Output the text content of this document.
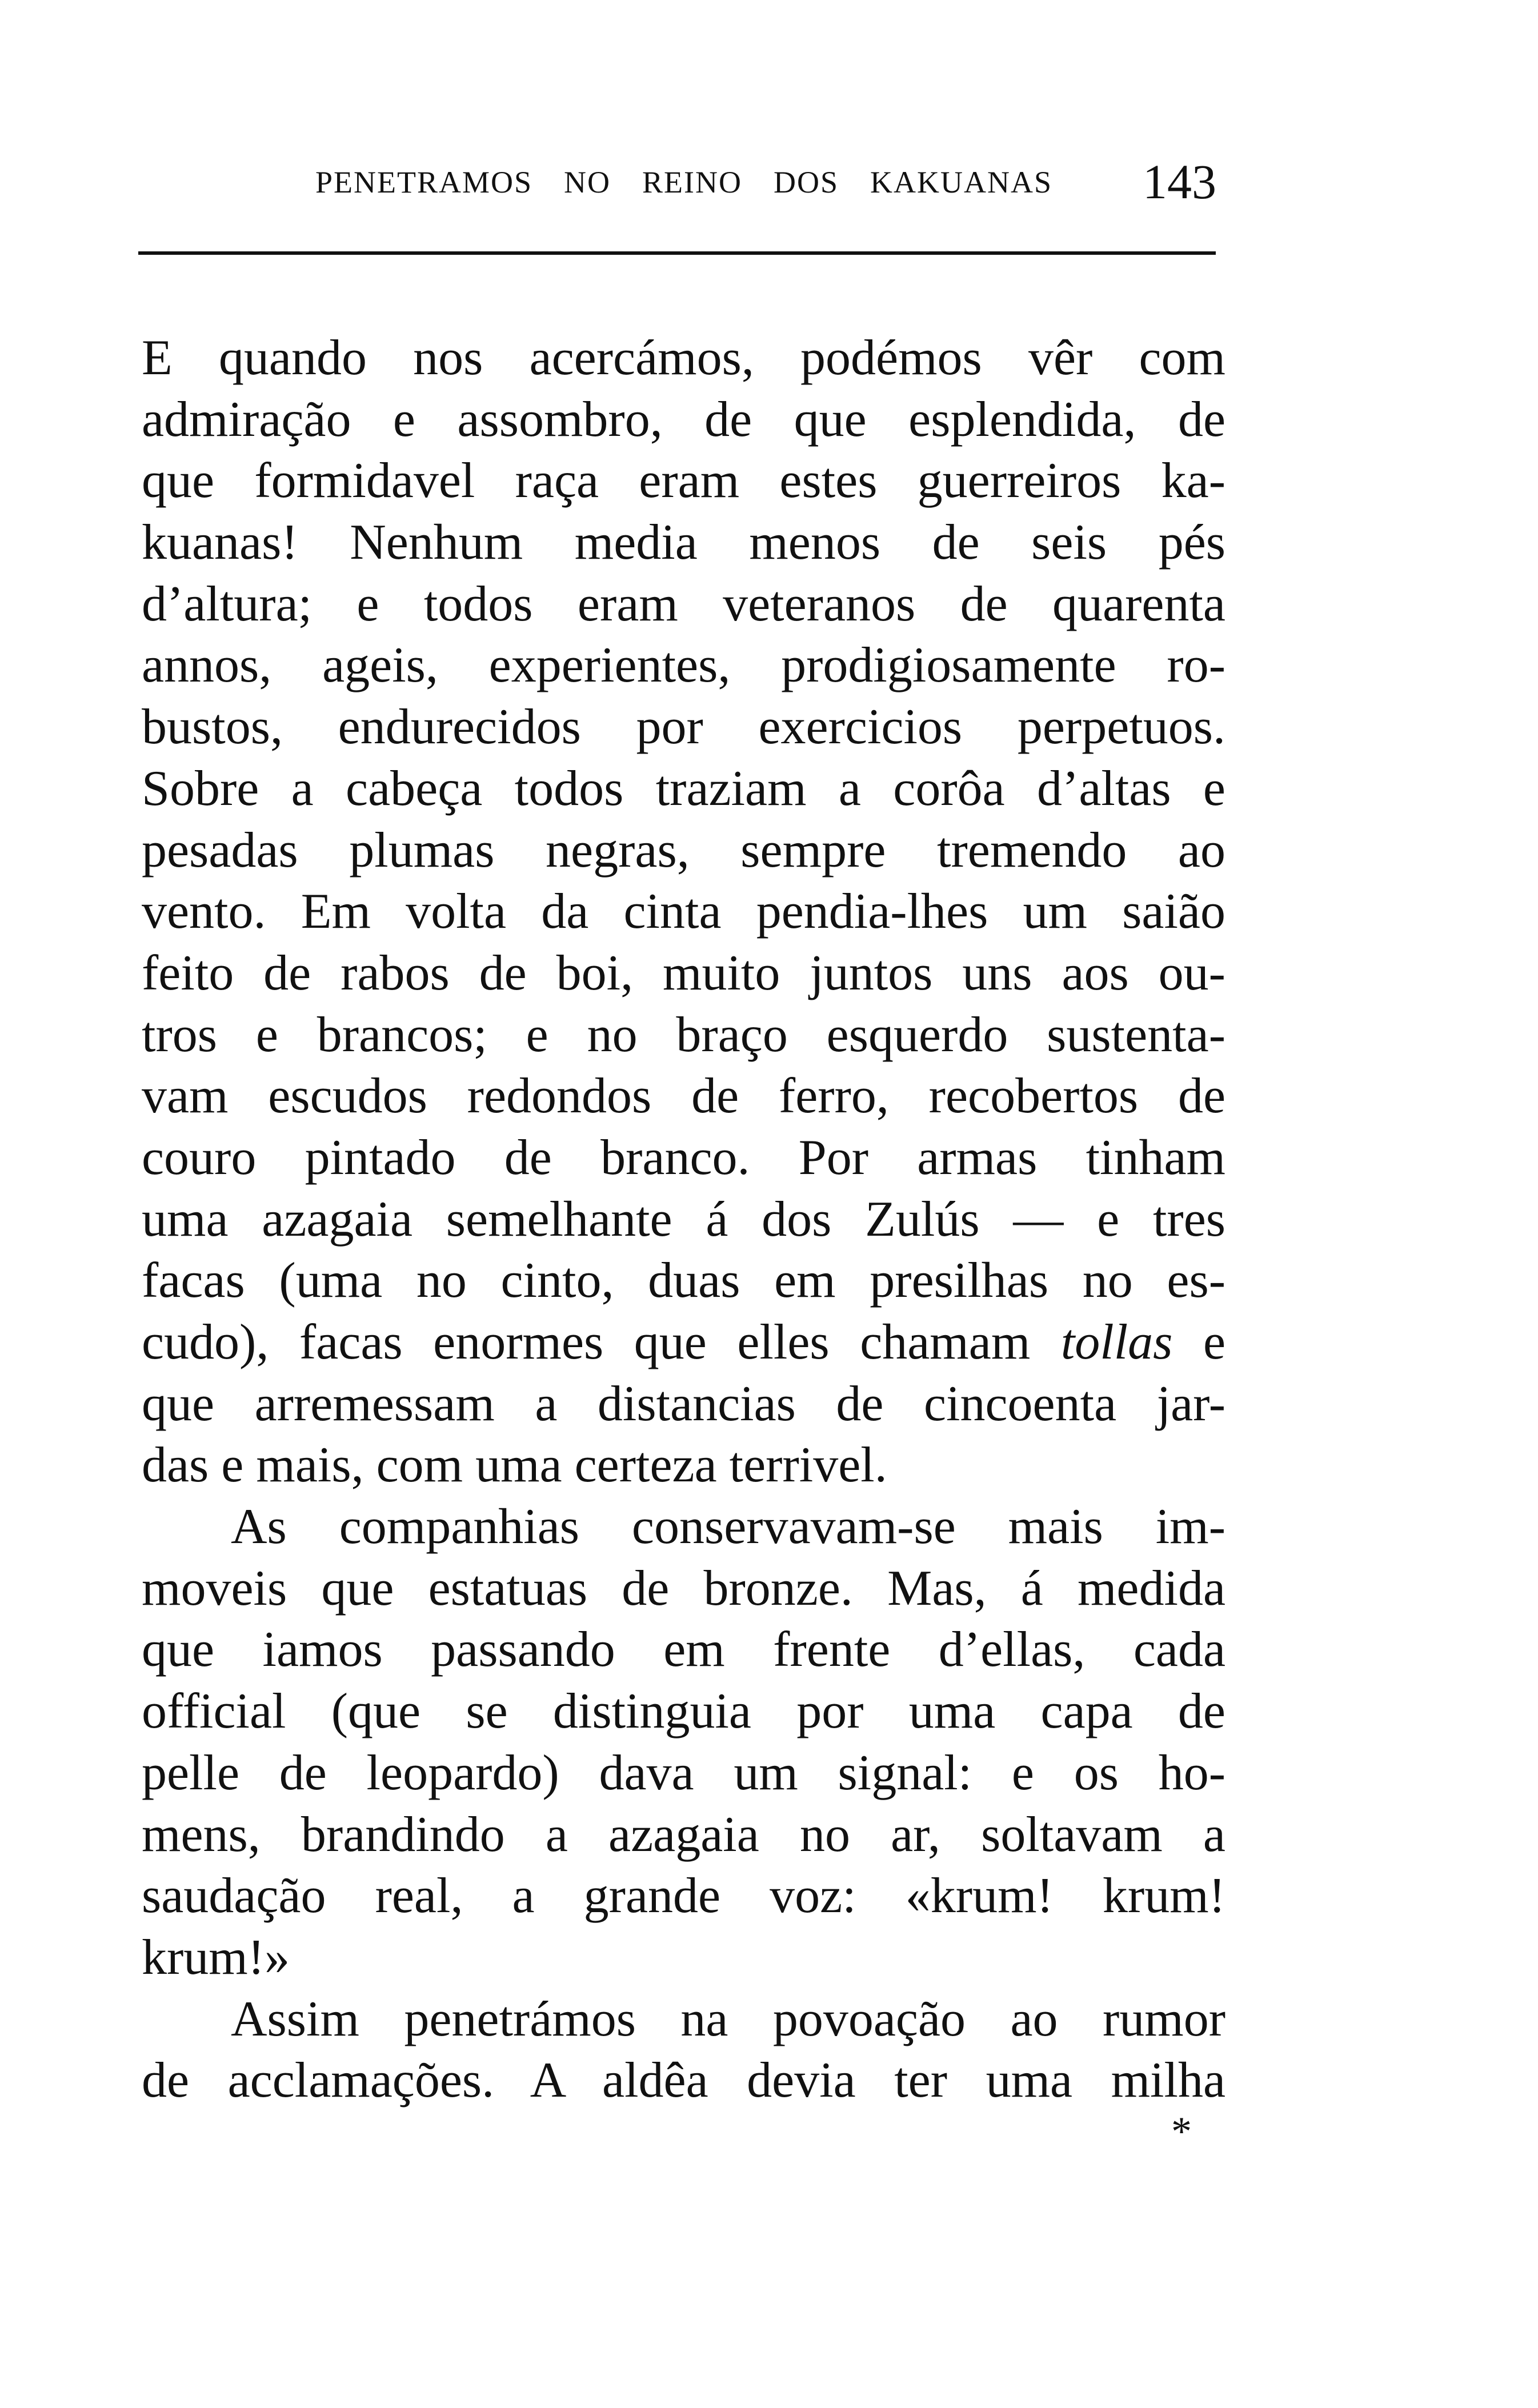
PENETRAMOS NO REINO DOS KAKUANAS 143
E quando nos acercámos, podémos vêr com
admiração e assombro, de que esplendida, de
que formidavel raça eram estes guerreiros ka-
kuanas! Nenhum media menos de seis pés
d’altura; e todos eram veteranos de quarenta
annos, ageis, experientes, prodigiosamente ro-
bustos, endurecidos por exercicios perpetuos.
Sobre a cabeça todos traziam a corôa d’altas e
pesadas plumas negras, sempre tremendo ao
vento. Em volta da cinta pendia-lhes um saião
feito de rabos de boi, muito juntos uns aos ou-
tros e brancos; e no braço esquerdo sustenta-
vam escudos redondos de ferro, recobertos de
couro pintado de branco. Por armas tinham
uma azagaia semelhante á dos Zulús — e tres
facas (uma no cinto, duas em presilhas no es-
cudo), facas enormes que elles chamam tollas e
que arremessam a distancias de cincoenta jar-
das e mais, com uma certeza terrivel.
As companhias conservavam-se mais im-
moveis que estatuas de bronze. Mas, á medida
que iamos passando em frente d’ellas, cada
official (que se distinguia por uma capa de
pelle de leopardo) dava um signal: e os ho-
mens, brandindo a azagaia no ar, soltavam a
saudação real, a grande voz: «krum! krum!
krum!»
Assim penetrámos na povoação ao rumor
de acclamações. A aldêa devia ter uma milha
*
